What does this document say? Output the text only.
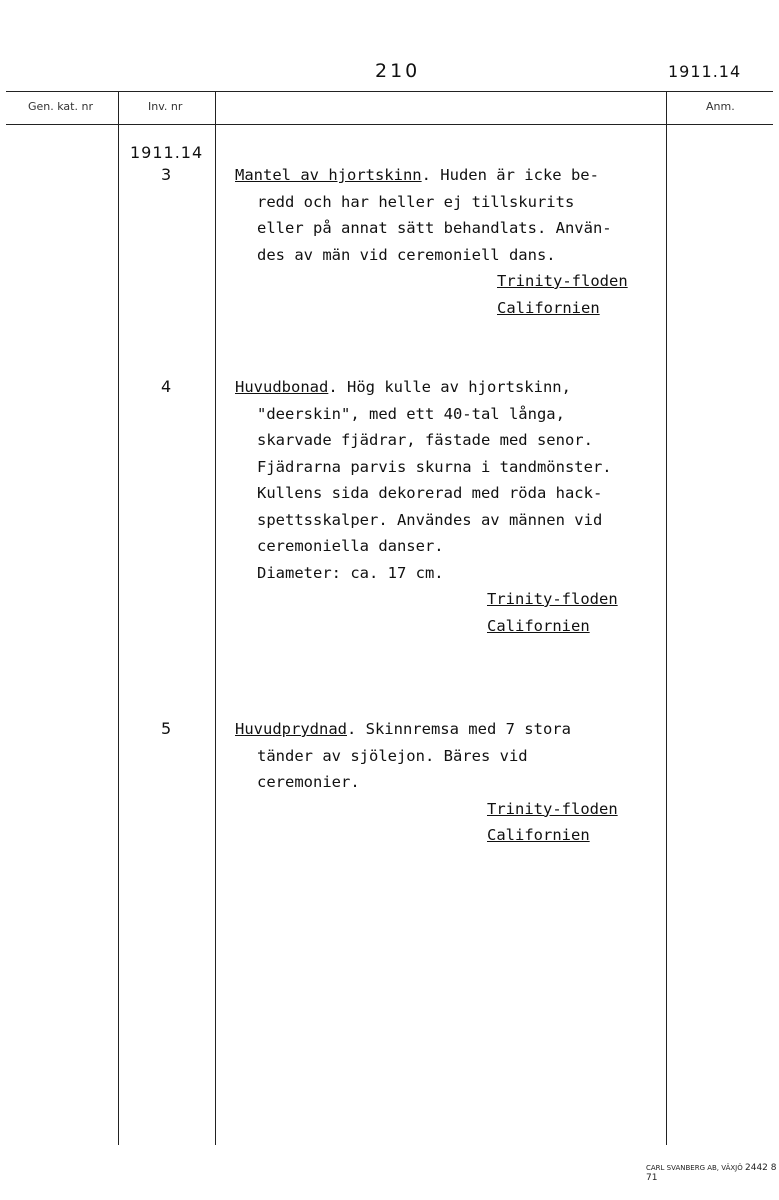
210	1911.14
Gen. kat. nr	Inv. nr	Anm.
1911.14
3	Mantel av hjortskinn. Huden är icke be-
redd och har heller ej tillskurits
eller på annat sätt behandlats. Använ-
des av män vid ceremoniell dans.
Trinity-floden
Californien
4	Huvudbonad. Hög kulle av hjortskinn,
"deerskin", med ett 40-tal långa,
skarvade fjädrar, fästade med senor.
Fjädrarna parvis skurna i tandmönster.
Kullens sida dekorerad med röda hack-
spettsskalper. Användes av männen vid
ceremoniella danser.
Diameter: ca. 17 cm.
Trinity-floden
Californien
5	Huvudprydnad. Skinnremsa med 7 stora
tänder av sjölejon. Bäres vid
ceremonier.
Trinity-floden
Californien
CARL SVANBERG AB, VÄXJÖ 2442 8 71
